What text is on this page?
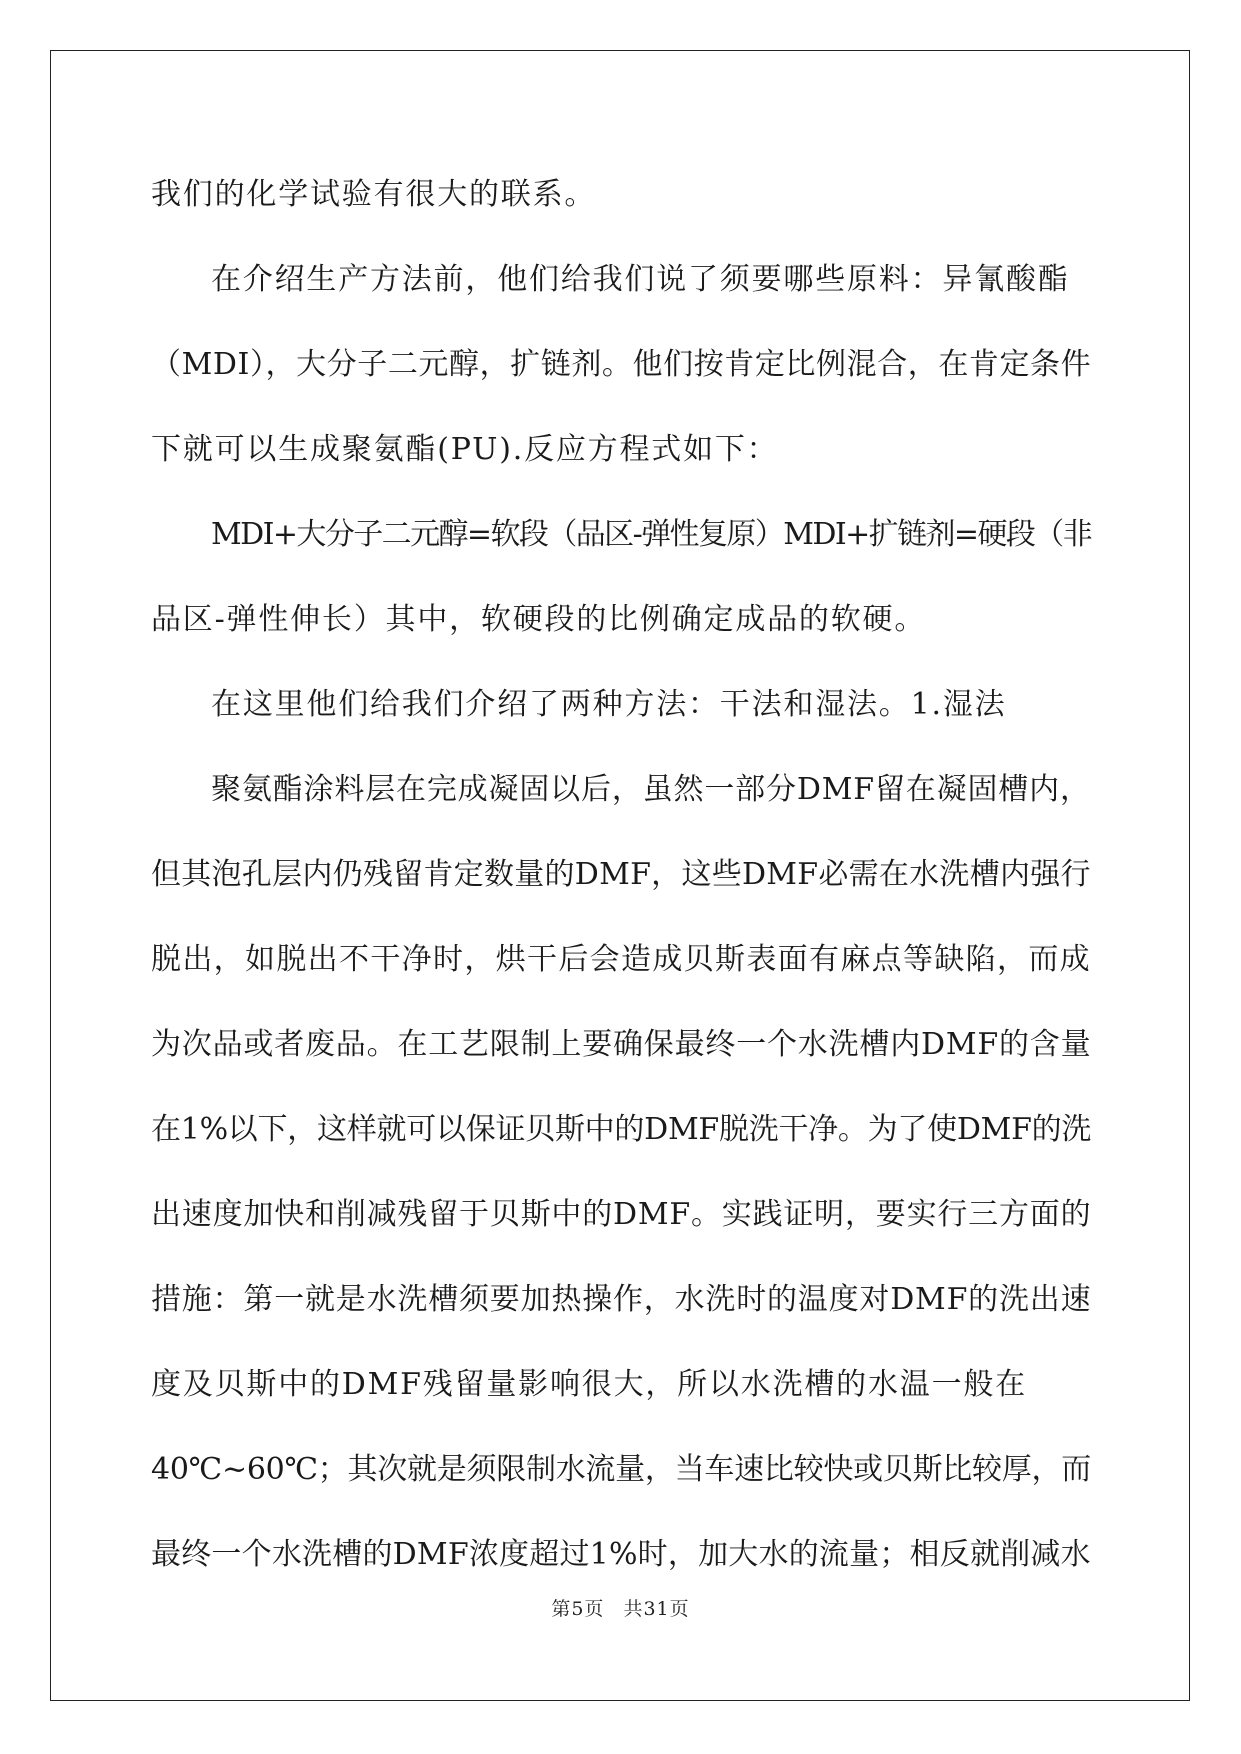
我们的化学试验有很大的联系。
在介绍生产方法前，他们给我们说了须要哪些原料：异氰酸酯
（MDI），大分子二元醇，扩链剂。他们按肯定比例混合，在肯定条件
下就可以生成聚氨酯(PU).反应方程式如下：
MDI+大分子二元醇=软段（品区-弹性复原）MDI+扩链剂=硬段（非
品区-弹性伸长）其中，软硬段的比例确定成品的软硬。
在这里他们给我们介绍了两种方法：干法和湿法。1.湿法
聚氨酯涂料层在完成凝固以后，虽然一部分DMF留在凝固槽内，
但其泡孔层内仍残留肯定数量的DMF，这些DMF必需在水洗槽内强行
脱出，如脱出不干净时，烘干后会造成贝斯表面有麻点等缺陷，而成
为次品或者废品。在工艺限制上要确保最终一个水洗槽内DMF的含量
在1%以下，这样就可以保证贝斯中的DMF脱洗干净。为了使DMF的洗
出速度加快和削减残留于贝斯中的DMF。实践证明，要实行三方面的
措施：第一就是水洗槽须要加热操作，水洗时的温度对DMF的洗出速
度及贝斯中的DMF残留量影响很大，所以水洗槽的水温一般在
40℃~60℃；其次就是须限制水流量，当车速比较快或贝斯比较厚，而
最终一个水洗槽的DMF浓度超过1%时，加大水的流量；相反就削减水
第5页 共31页
